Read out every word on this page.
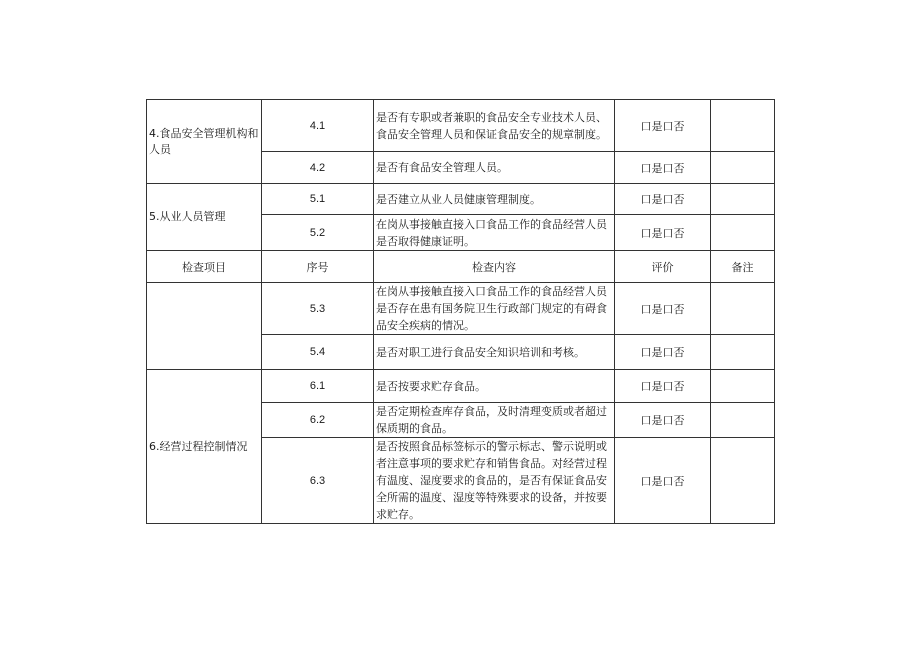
4.食品安全管理机构和人员	4.1	是否有专职或者兼职的食品安全专业技术人员、食品安全管理人员和保证食品安全的规章制度。	口是口否	
	4.2	是否有食品安全管理人员。	口是口否	
5.从业人员管理	5.1	是否建立从业人员健康管理制度。	口是口否	
	5.2	在岗从事接触直接入口食品工作的食品经营人员是否取得健康证明。	口是口否	
检查项目	序号	检查内容	评价	备注
	5.3	在岗从事接触直接入口食品工作的食品经营人员是否存在患有国务院卫生行政部门规定的有碍食品安全疾病的情况。	口是口否	
	5.4	是否对职工进行食品安全知识培训和考核。	口是口否	
6.经营过程控制情况	6.1	是否按要求贮存食品。	口是口否	
	6.2	是否定期检查库存食品，及时清理变质或者超过保质期的食品。	口是口否	
	6.3	是否按照食品标签标示的警示标志、警示说明或者注意事项的要求贮存和销售食品。对经营过程有温度、湿度要求的食品的，是否有保证食品安全所需的温度、湿度等特殊要求的设备，并按要求贮存。	口是口否	
